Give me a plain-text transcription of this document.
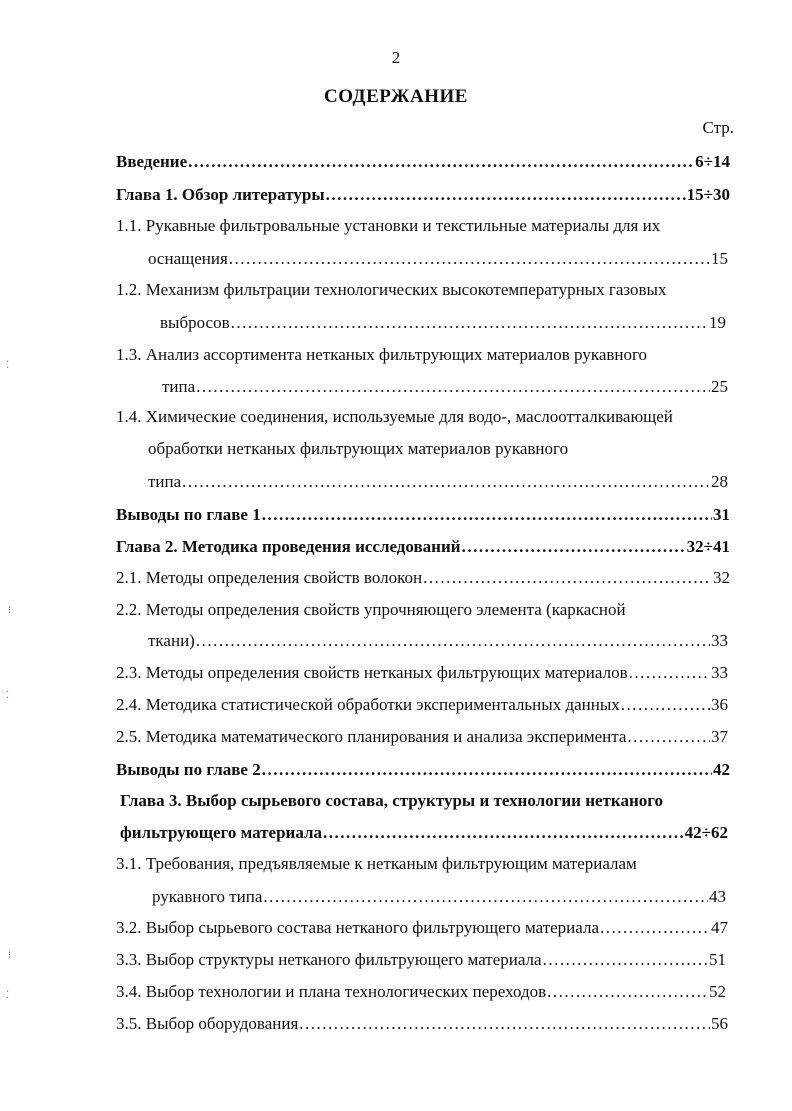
2
СОДЕРЖАНИЕ
Стр.
Введение .....	6÷14
Глава 1. Обзор литературы .....	15÷30
1.1. Рукавные фильтровальные установки и текстильные материалы для их
оснащения .....	15
1.2. Механизм фильтрации технологических высокотемпературных газовых
выбросов .....	19
1.3. Анализ ассортимента нетканых фильтрующих материалов рукавного
типа .....	25
1.4. Химические соединения, используемые для водо-, маслоотталкивающей
обработки нетканых фильтрующих материалов рукавного
типа .....	28
Выводы по главе 1 .....	31
Глава 2. Методика проведения исследований .....	32÷41
2.1. Методы определения свойств волокон .....	32
2.2. Методы определения свойств упрочняющего элемента (каркасной
ткани) .....	33
2.3. Методы определения свойств нетканых фильтрующих материалов .....	33
2.4. Методика статистической обработки экспериментальных данных .....	36
2.5. Методика математического планирования и анализа эксперимента .....	37
Выводы по главе 2 .....	42
Глава 3. Выбор сырьевого состава, структуры и технологии нетканого
фильтрующего материала .....	42÷62
3.1. Требования, предъявляемые к нетканым фильтрующим материалам
рукавного типа .....	43
3.2. Выбор сырьевого состава нетканого фильтрующего материала .....	47
3.3. Выбор структуры нетканого фильтрующего материала .....	51
3.4. Выбор технологии и плана технологических переходов .....	52
3.5. Выбор оборудования .....	56
⁚
⁝
⁚
⁝
⁚
